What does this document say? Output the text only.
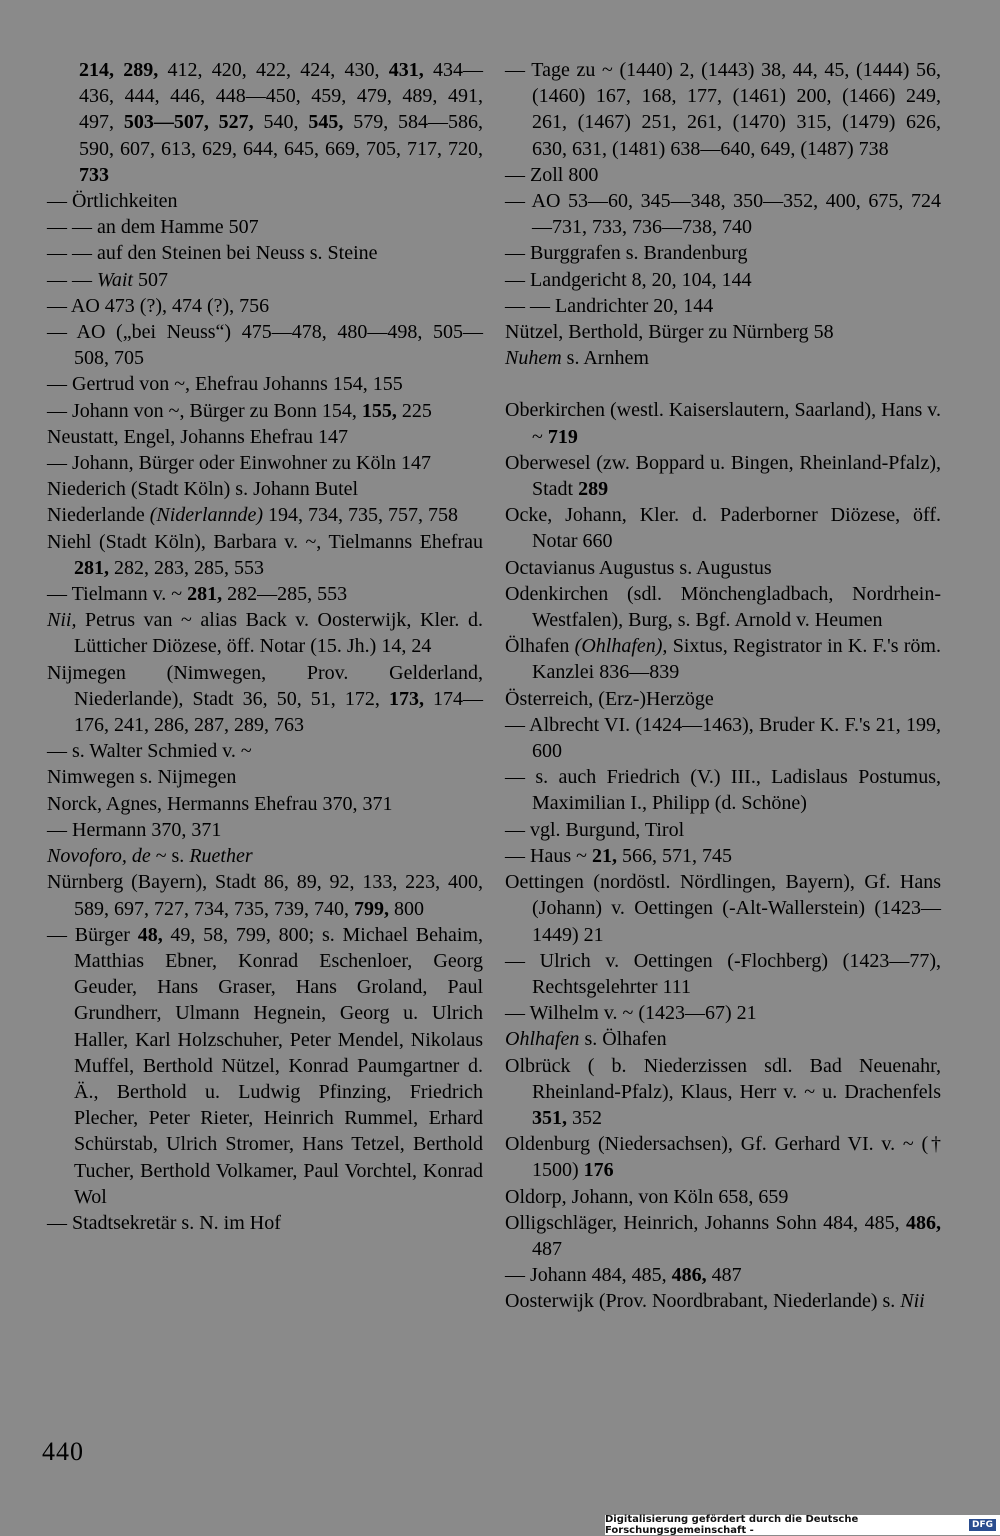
214, 289, 412, 420, 422, 424, 430, 431, 434—436, 444, 446, 448—450, 459, 479, 489, 491, 497, 503—507, 527, 540, 545, 579, 584—586, 590, 607, 613, 629, 644, 645, 669, 705, 717, 720, 733
— Örtlichkeiten
— — an dem Hamme 507
— — auf den Steinen bei Neuss s. Steine
— — Wait 507
— AO 473 (?), 474 (?), 756
— AO („bei Neuss“) 475—478, 480—498, 505—508, 705
— Gertrud von ~, Ehefrau Johanns 154, 155
— Johann von ~, Bürger zu Bonn 154, 155, 225
Neustatt, Engel, Johanns Ehefrau 147
— Johann, Bürger oder Einwohner zu Köln 147
Niederich (Stadt Köln) s. Johann Butel
Niederlande (Niderlannde) 194, 734, 735, 757, 758
Niehl (Stadt Köln), Barbara v. ~, Tielmanns Ehefrau 281, 282, 283, 285, 553
— Tielmann v. ~ 281, 282—285, 553
Nii, Petrus van ~ alias Back v. Oosterwijk, Kler. d. Lütticher Diözese, öff. Notar (15. Jh.) 14, 24
Nijmegen (Nimwegen, Prov. Gelderland, Niederlande), Stadt 36, 50, 51, 172, 173, 174—176, 241, 286, 287, 289, 763
— s. Walter Schmied v. ~
Nimwegen s. Nijmegen
Norck, Agnes, Hermanns Ehefrau 370, 371
— Hermann 370, 371
Novoforo, de ~ s. Ruether
Nürnberg (Bayern), Stadt 86, 89, 92, 133, 223, 400, 589, 697, 727, 734, 735, 739, 740, 799, 800
— Bürger 48, 49, 58, 799, 800; s. Michael Behaim, Matthias Ebner, Konrad Eschenloer, Georg Geuder, Hans Graser, Hans Groland, Paul Grundherr, Ulmann Hegnein, Georg u. Ulrich Haller, Karl Holzschuher, Peter Mendel, Nikolaus Muffel, Berthold Nützel, Konrad Paumgartner d. Ä., Berthold u. Ludwig Pfinzing, Friedrich Plecher, Peter Rieter, Heinrich Rummel, Erhard Schürstab, Ulrich Stromer, Hans Tetzel, Berthold Tucher, Berthold Volkamer, Paul Vorchtel, Konrad Wol
— Stadtsekretär s. N. im Hof
— Tage zu ~ (1440) 2, (1443) 38, 44, 45, (1444) 56, (1460) 167, 168, 177, (1461) 200, (1466) 249, 261, (1467) 251, 261, (1470) 315, (1479) 626, 630, 631, (1481) 638—640, 649, (1487) 738
— Zoll 800
— AO 53—60, 345—348, 350—352, 400, 675, 724—731, 733, 736—738, 740
— Burggrafen s. Brandenburg
— Landgericht 8, 20, 104, 144
— — Landrichter 20, 144
Nützel, Berthold, Bürger zu Nürnberg 58
Nuhem s. Arnhem
Oberkirchen (westl. Kaiserslautern, Saarland), Hans v. ~ 719
Oberwesel (zw. Boppard u. Bingen, Rheinland-Pfalz), Stadt 289
Ocke, Johann, Kler. d. Paderborner Diözese, öff. Notar 660
Octavianus Augustus s. Augustus
Odenkirchen (sdl. Mönchengladbach, Nordrhein-Westfalen), Burg, s. Bgf. Arnold v. Heumen
Ölhafen (Ohlhafen), Sixtus, Registrator in K. F.'s röm. Kanzlei 836—839
Österreich, (Erz-)Herzöge
— Albrecht VI. (1424—1463), Bruder K. F.'s 21, 199, 600
— s. auch Friedrich (V.) III., Ladislaus Postumus, Maximilian I., Philipp (d. Schöne)
— vgl. Burgund, Tirol
— Haus ~ 21, 566, 571, 745
Oettingen (nordöstl. Nördlingen, Bayern), Gf. Hans (Johann) v. Oettingen (-Alt-Wallerstein) (1423—1449) 21
— Ulrich v. Oettingen (-Flochberg) (1423—77), Rechtsgelehrter 111
— Wilhelm v. ~ (1423—67) 21
Ohlhafen s. Ölhafen
Olbrück ( b. Niederzissen sdl. Bad Neuenahr, Rheinland-Pfalz), Klaus, Herr v. ~ u. Drachenfels 351, 352
Oldenburg (Niedersachsen), Gf. Gerhard VI. v. ~ († 1500) 176
Oldorp, Johann, von Köln 658, 659
Olligschläger, Heinrich, Johanns Sohn 484, 485, 486, 487
— Johann 484, 485, 486, 487
Oosterwijk (Prov. Noordbrabant, Niederlande) s. Nii
440
Digitalisierung gefördert durch die Deutsche Forschungsgemeinschaft -	DFG
